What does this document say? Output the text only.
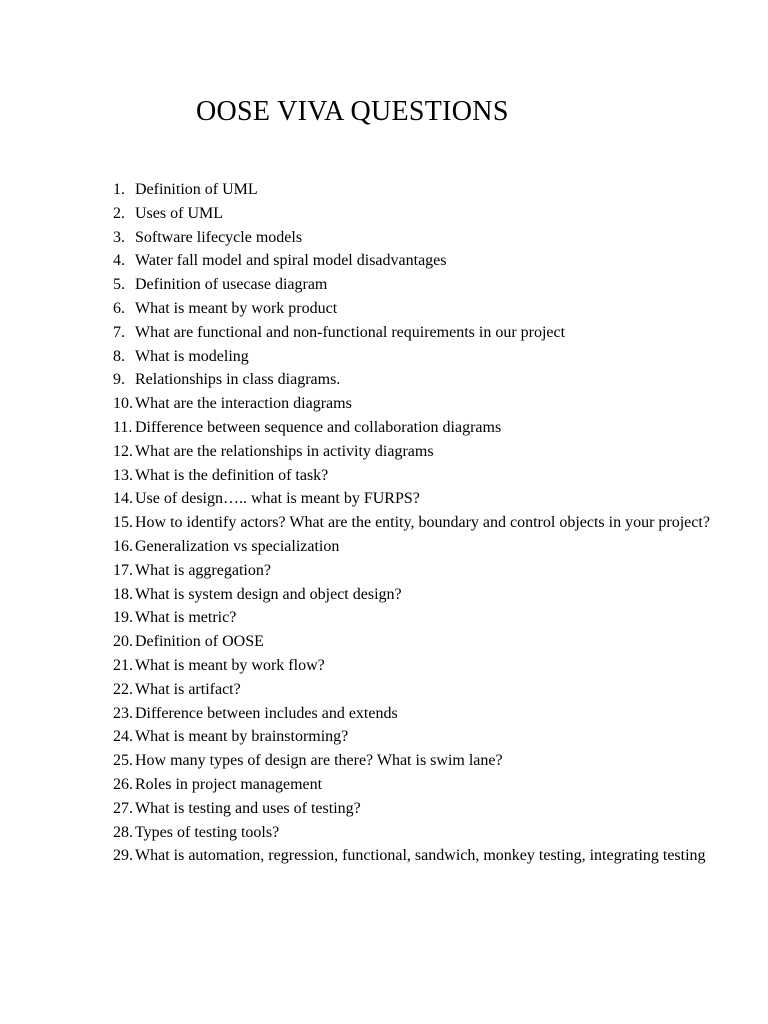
OOSE VIVA QUESTIONS
1. Definition of UML
2. Uses of UML
3. Software lifecycle models
4. Water fall model and spiral model disadvantages
5. Definition of usecase diagram
6. What is meant by work product
7. What are functional and non-functional requirements in our project
8. What is modeling
9. Relationships in class diagrams.
10. What are the interaction diagrams
11. Difference between sequence and collaboration diagrams
12. What are the relationships in activity diagrams
13. What is the definition of task?
14. Use of design….. what is meant by FURPS?
15. How to identify actors? What are the entity, boundary and control objects in your project?
16. Generalization vs specialization
17. What is aggregation?
18. What is system design and object design?
19. What is metric?
20. Definition of OOSE
21. What is meant by work flow?
22. What is artifact?
23. Difference between includes and extends
24. What is meant by brainstorming?
25. How many types of design are there? What is swim lane?
26. Roles in project management
27. What is testing and uses of testing?
28. Types of testing tools?
29. What is automation, regression, functional, sandwich, monkey testing, integrating testing
